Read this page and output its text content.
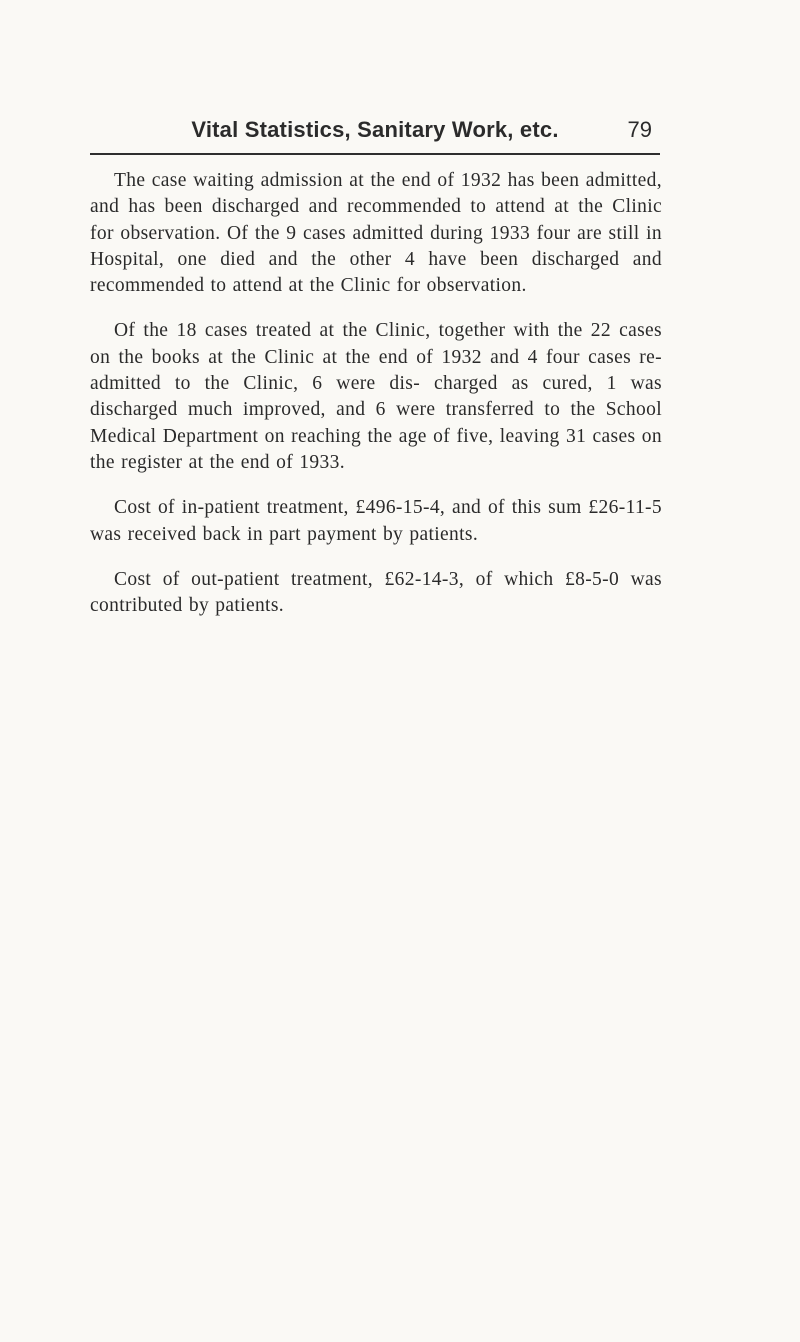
Vital Statistics, Sanitary Work, etc.	79

The case waiting admission at the end of 1932 has been admitted, and has been discharged and recommended to attend at the Clinic for observation. Of the 9 cases admitted during 1933 four are still in Hospital, one died and the other 4 have been discharged and recommended to attend at the Clinic for observation.

Of the 18 cases treated at the Clinic, together with the 22 cases on the books at the Clinic at the end of 1932 and 4 four cases re-admitted to the Clinic, 6 were dis- charged as cured, 1 was discharged much improved, and 6 were transferred to the School Medical Department on reaching the age of five, leaving 31 cases on the register at the end of 1933.

Cost of in-patient treatment, £496-15-4, and of this sum £26-11-5 was received back in part payment by patients.

Cost of out-patient treatment, £62-14-3, of which £8-5-0 was contributed by patients.
